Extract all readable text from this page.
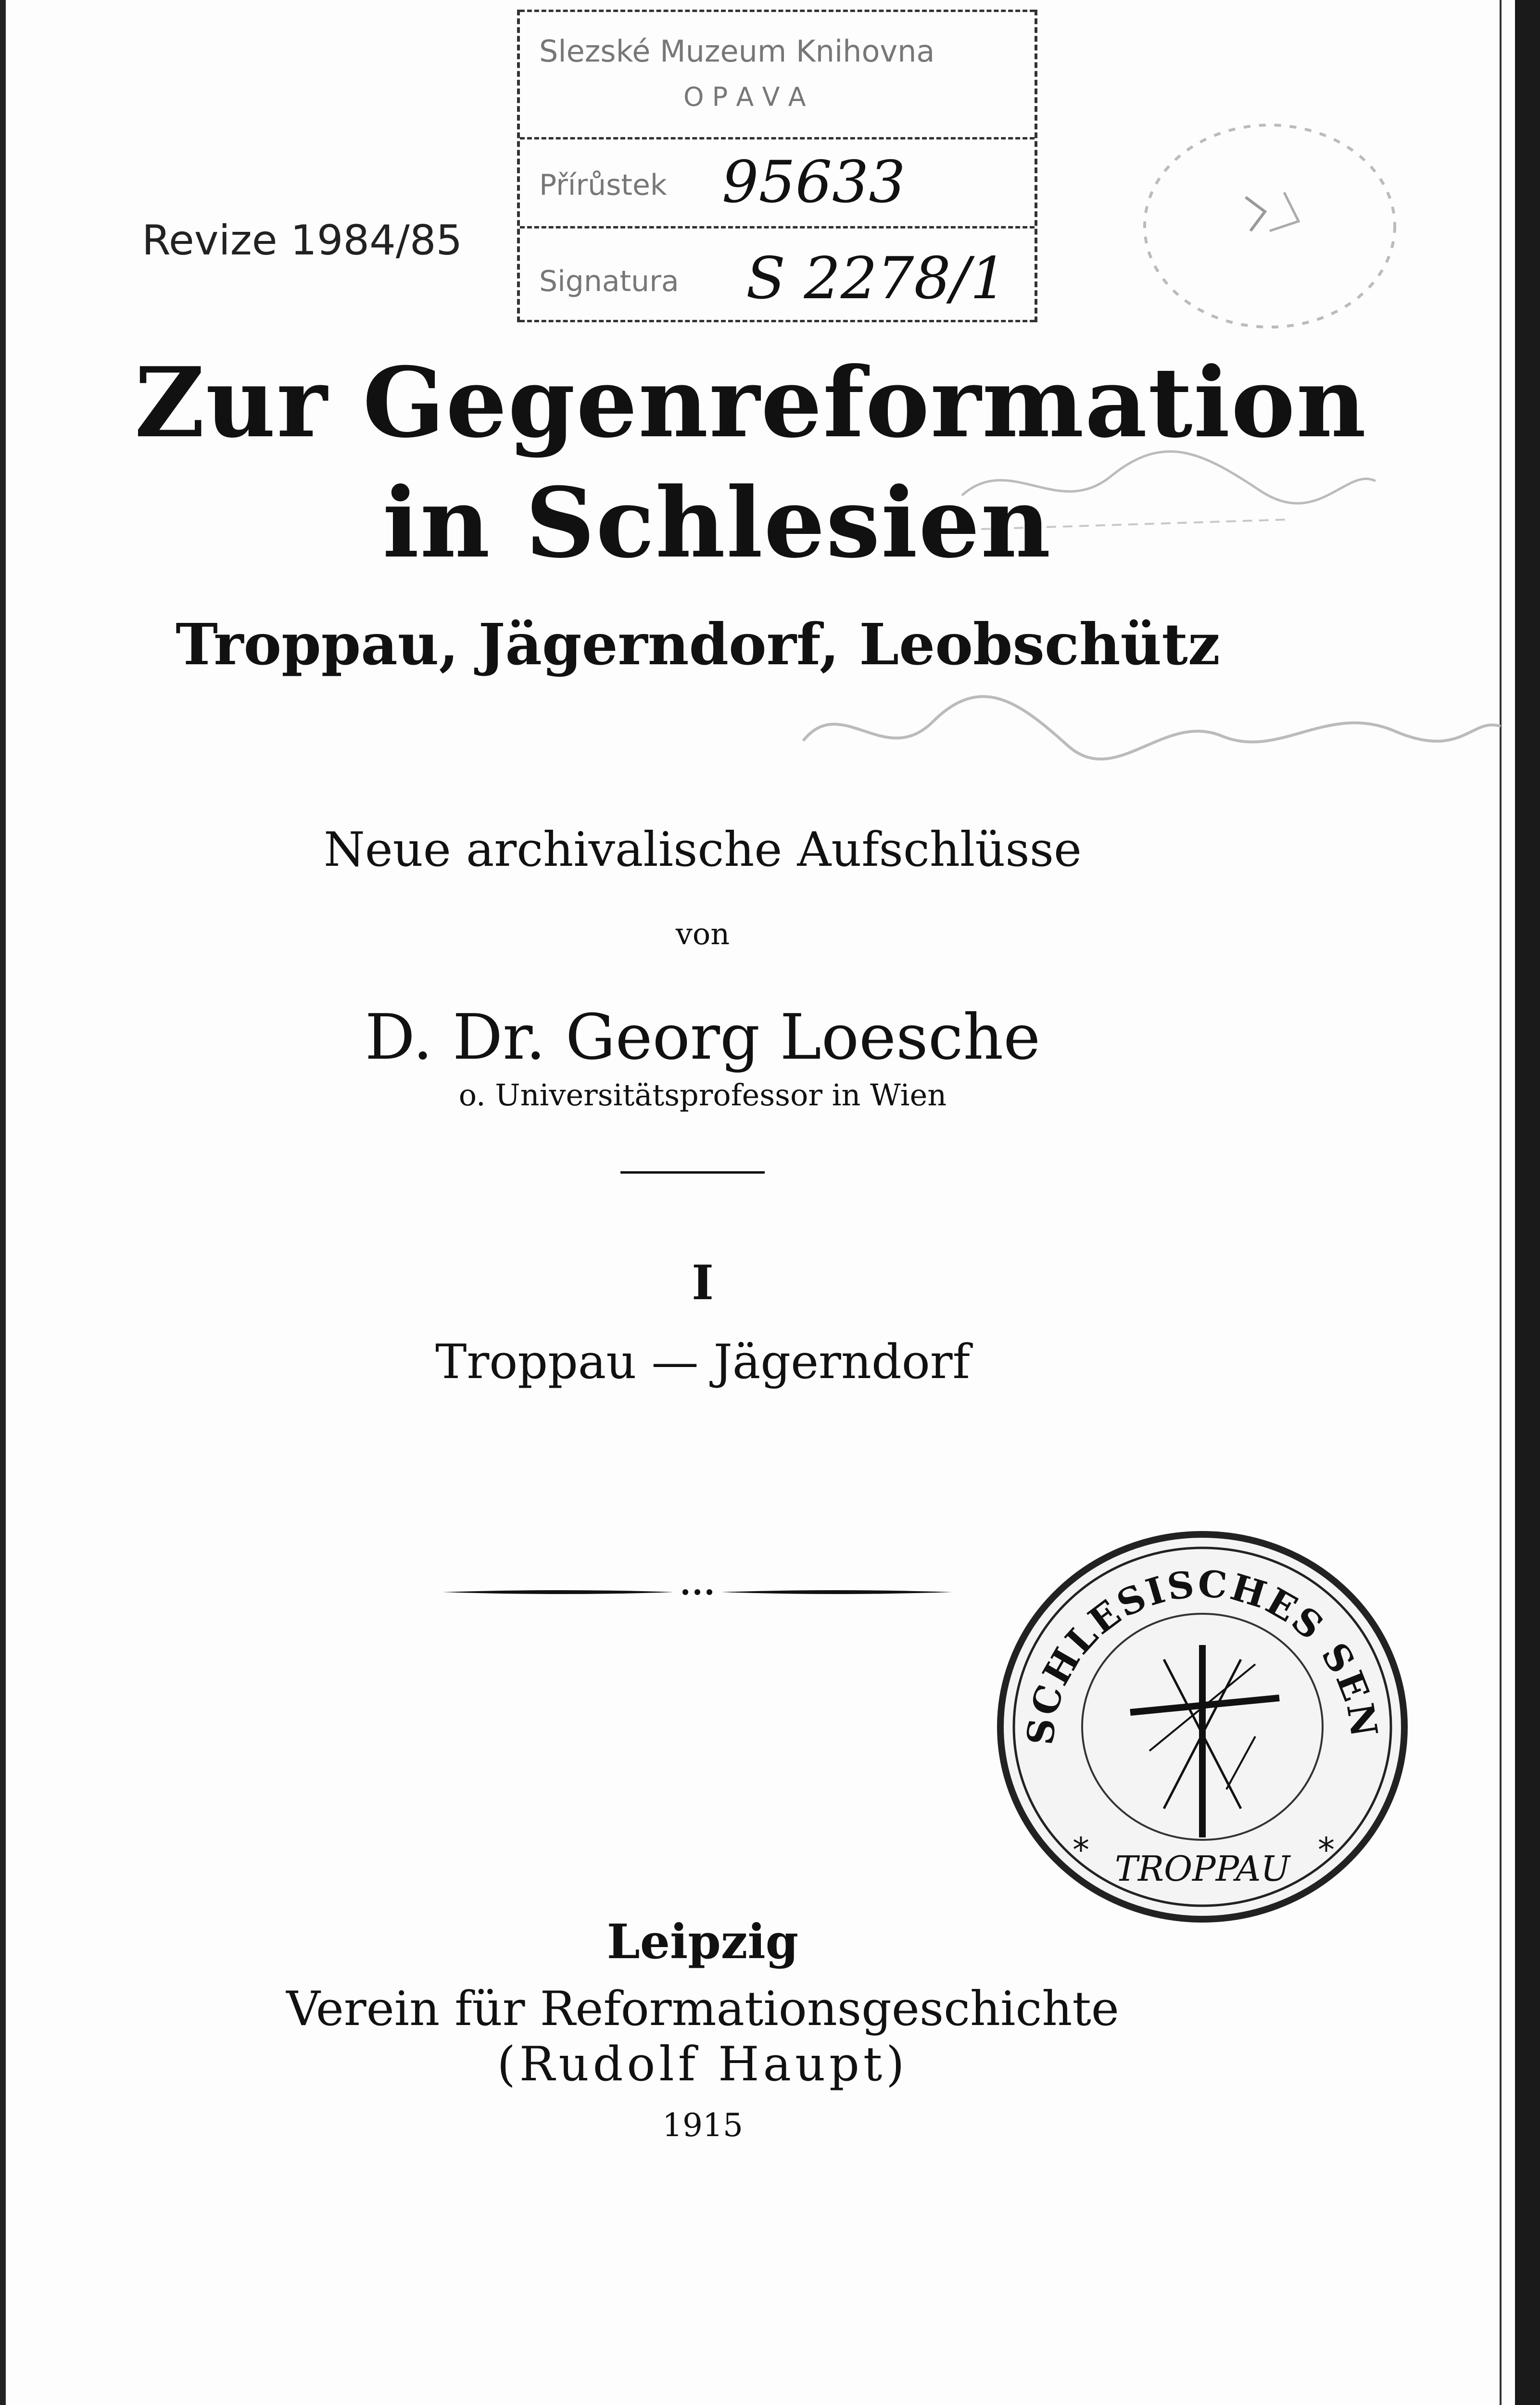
Revize 1984/85
Slezské Muzeum Knihovna
O P A V A
Přírůstek 95633
Signatura S 2278/1
Zur Gegenreformation
in Schlesien
Troppau, Jägerndorf, Leobschütz
Neue archivalische Aufschlüsse
von
D. Dr. Georg Loesche
o. Universitätsprofessor in Wien
I
Troppau — Jägerndorf
SCHLESISCHES SEN
*	*
TROPPAU
Leipzig
Verein für Reformationsgeschichte
(Rudolf Haupt)
1915
